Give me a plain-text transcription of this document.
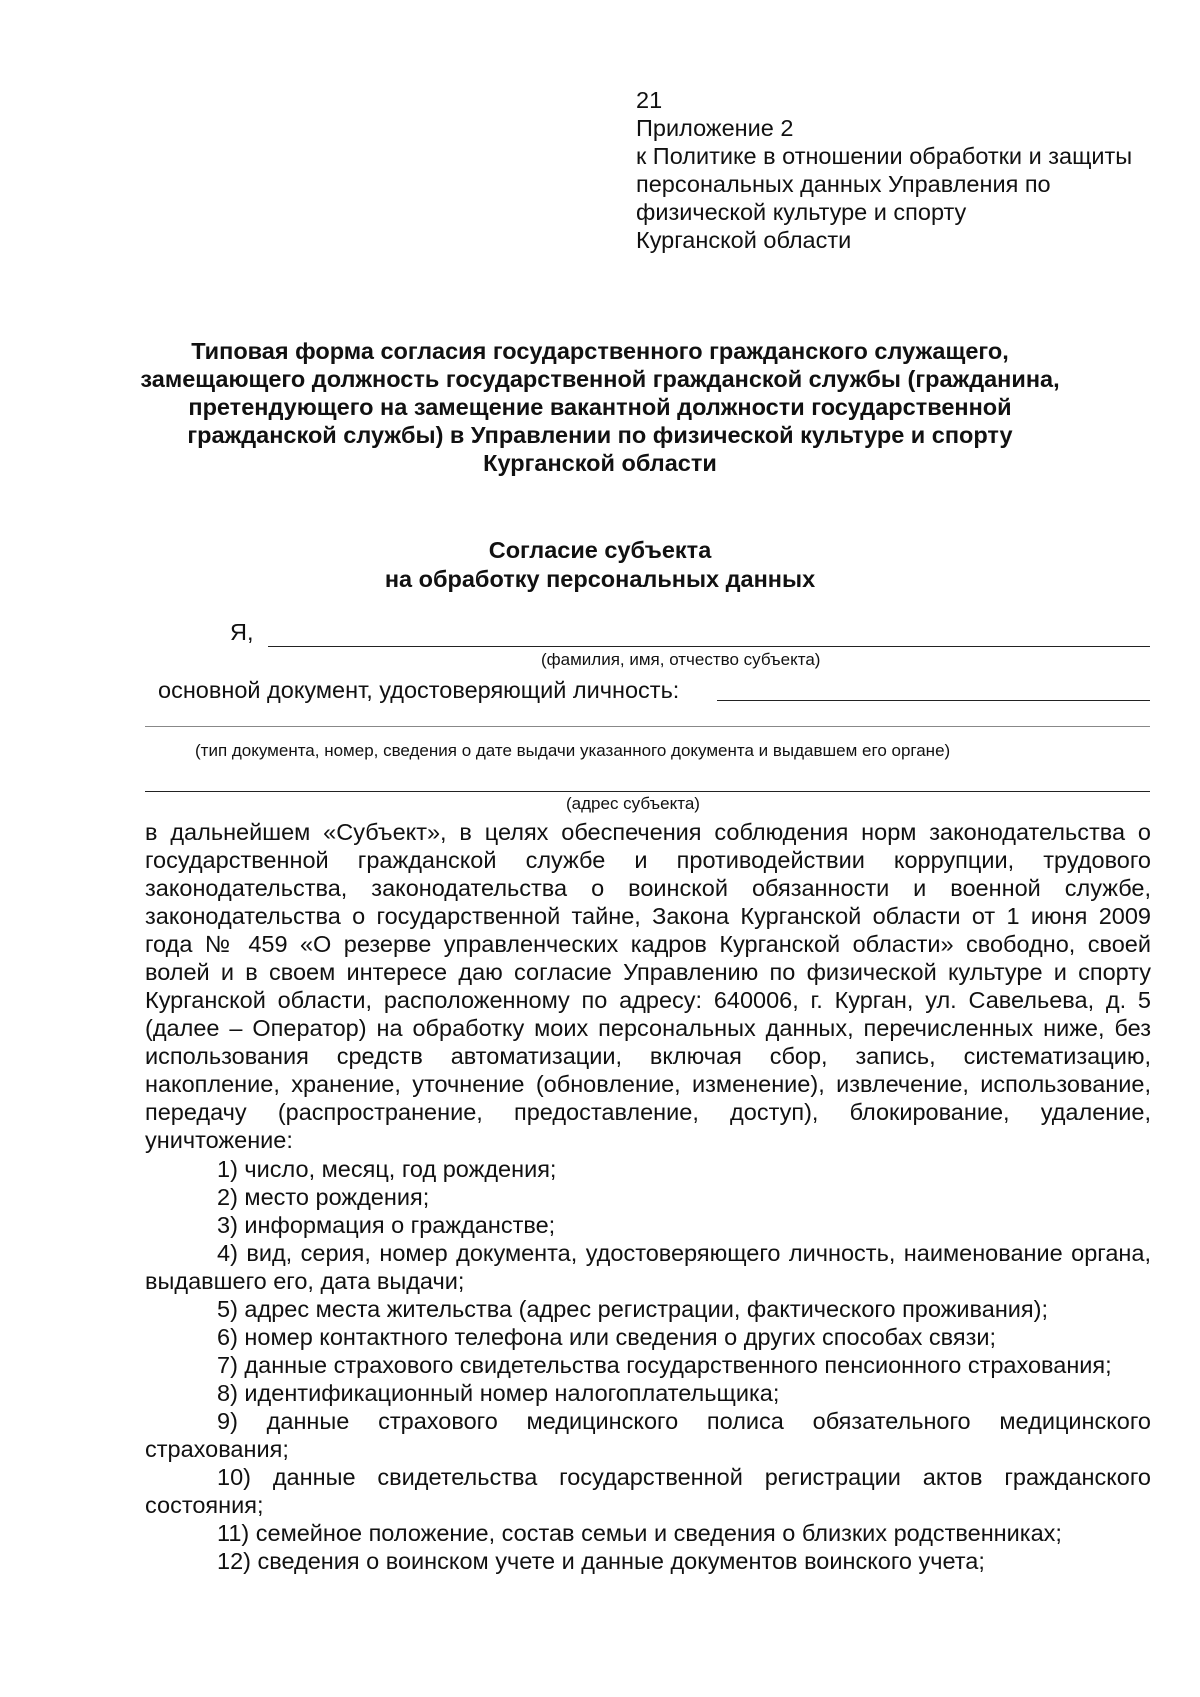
21
Приложение 2
к Политике в отношении обработки и защиты
персональных данных Управления по
физической культуре и спорту
Курганской области
Типовая форма согласия государственного гражданского служащего,
замещающего должность государственной гражданской службы (гражданина,
претендующего на замещение вакантной должности государственной
гражданской службы) в Управлении по физической культуре и спорту
Курганской области
Согласие субъекта
на обработку персональных данных
Я,
(фамилия, имя, отчество субъекта)
основной документ, удостоверяющий личность:
(тип документа, номер, сведения о дате выдачи указанного документа и выдавшем его органе)
(адрес субъекта)

в дальнейшем «Субъект», в целях обеспечения соблюдения норм законодательства о государственной гражданской службе и противодействии коррупции, трудового законодательства, законодательства о воинской обязанности и военной службе, законодательства о государственной тайне, Закона Курганской области от 1 июня 2009 года № 459 «О резерве управленческих кадров Курганской области» свободно, своей волей и в своем интересе даю согласие Управлению по физической культуре и спорту Курганской области, расположенному по адресу: 640006, г. Курган, ул. Савельева, д. 5 (далее – Оператор) на обработку моих персональных данных, перечисленных ниже, без использования средств автоматизации, включая сбор, запись, систематизацию, накопление, хранение, уточнение (обновление, изменение), извлечение, использование, передачу (распространение, предоставление, доступ), блокирование, удаление, уничтожение:

1) число, месяц, год рождения;

2) место рождения;

3) информация о гражданстве;

4) вид, серия, номер документа, удостоверяющего личность, наименование органа, выдавшего его, дата выдачи;

5) адрес места жительства (адрес регистрации, фактического проживания);

6) номер контактного телефона или сведения о других способах связи;

7) данные страхового свидетельства государственного пенсионного страхования;

8) идентификационный номер налогоплательщика;

9) данные страхового медицинского полиса обязательного медицинского страхования;

10) данные свидетельства государственной регистрации актов гражданского состояния;

11) семейное положение, состав семьи и сведения о близких родственниках;

12) сведения о воинском учете и данные документов воинского учета;
